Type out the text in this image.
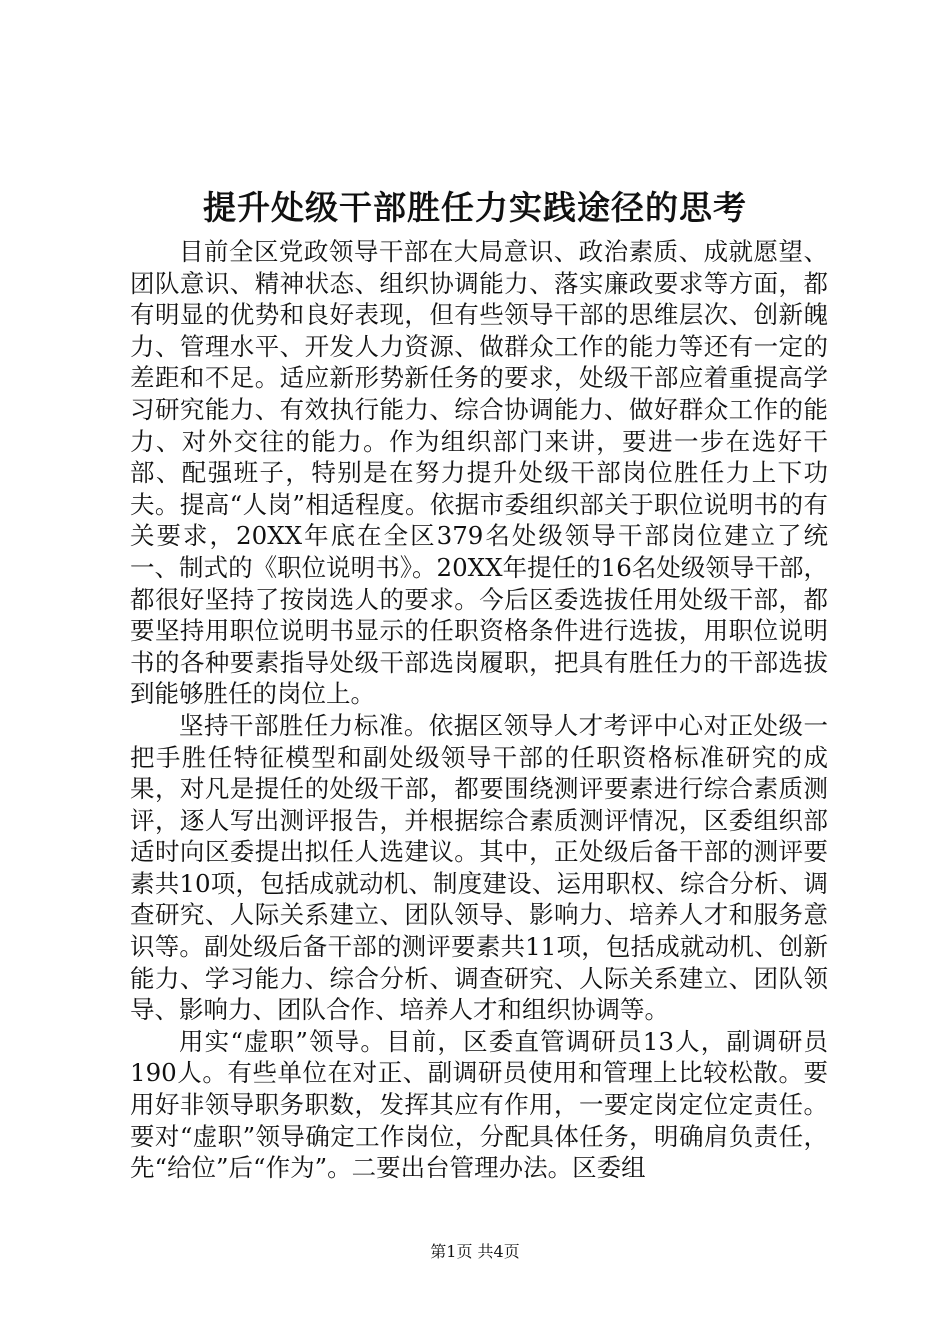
提升处级干部胜任力实践途径的思考

目前全区党政领导干部在大局意识、政治素质、成就愿望、团队意识、精神状态、组织协调能力、落实廉政要求等方面，都有明显的优势和良好表现，但有些领导干部的思维层次、创新魄力、管理水平、开发人力资源、做群众工作的能力等还有一定的差距和不足。适应新形势新任务的要求，处级干部应着重提高学习研究能力、有效执行能力、综合协调能力、做好群众工作的能力、对外交往的能力。作为组织部门来讲，要进一步在选好干部、配强班子，特别是在努力提升处级干部岗位胜任力上下功夫。提高“人岗”相适程度。依据市委组织部关于职位说明书的有关要求，20XX年底在全区379名处级领导干部岗位建立了统一、制式的《职位说明书》。20XX年提任的16名处级领导干部，都很好坚持了按岗选人的要求。今后区委选拔任用处级干部，都要坚持用职位说明书显示的任职资格条件进行选拔，用职位说明书的各种要素指导处级干部选岗履职，把具有胜任力的干部选拔到能够胜任的岗位上。

坚持干部胜任力标准。依据区领导人才考评中心对正处级一把手胜任特征模型和副处级领导干部的任职资格标准研究的成果，对凡是提任的处级干部，都要围绕测评要素进行综合素质测评，逐人写出测评报告，并根据综合素质测评情况，区委组织部适时向区委提出拟任人选建议。其中，正处级后备干部的测评要素共10项，包括成就动机、制度建设、运用职权、综合分析、调查研究、人际关系建立、团队领导、影响力、培养人才和服务意识等。副处级后备干部的测评要素共11项，包括成就动机、创新能力、学习能力、综合分析、调查研究、人际关系建立、团队领导、影响力、团队合作、培养人才和组织协调等。

用实“虚职”领导。目前，区委直管调研员13人，副调研员190人。有些单位在对正、副调研员使用和管理上比较松散。要用好非领导职务职数，发挥其应有作用，一要定岗定位定责任。要对“虚职”领导确定工作岗位，分配具体任务，明确肩负责任，先“给位”后“作为”。二要出台管理办法。区委组

第1页 共4页
